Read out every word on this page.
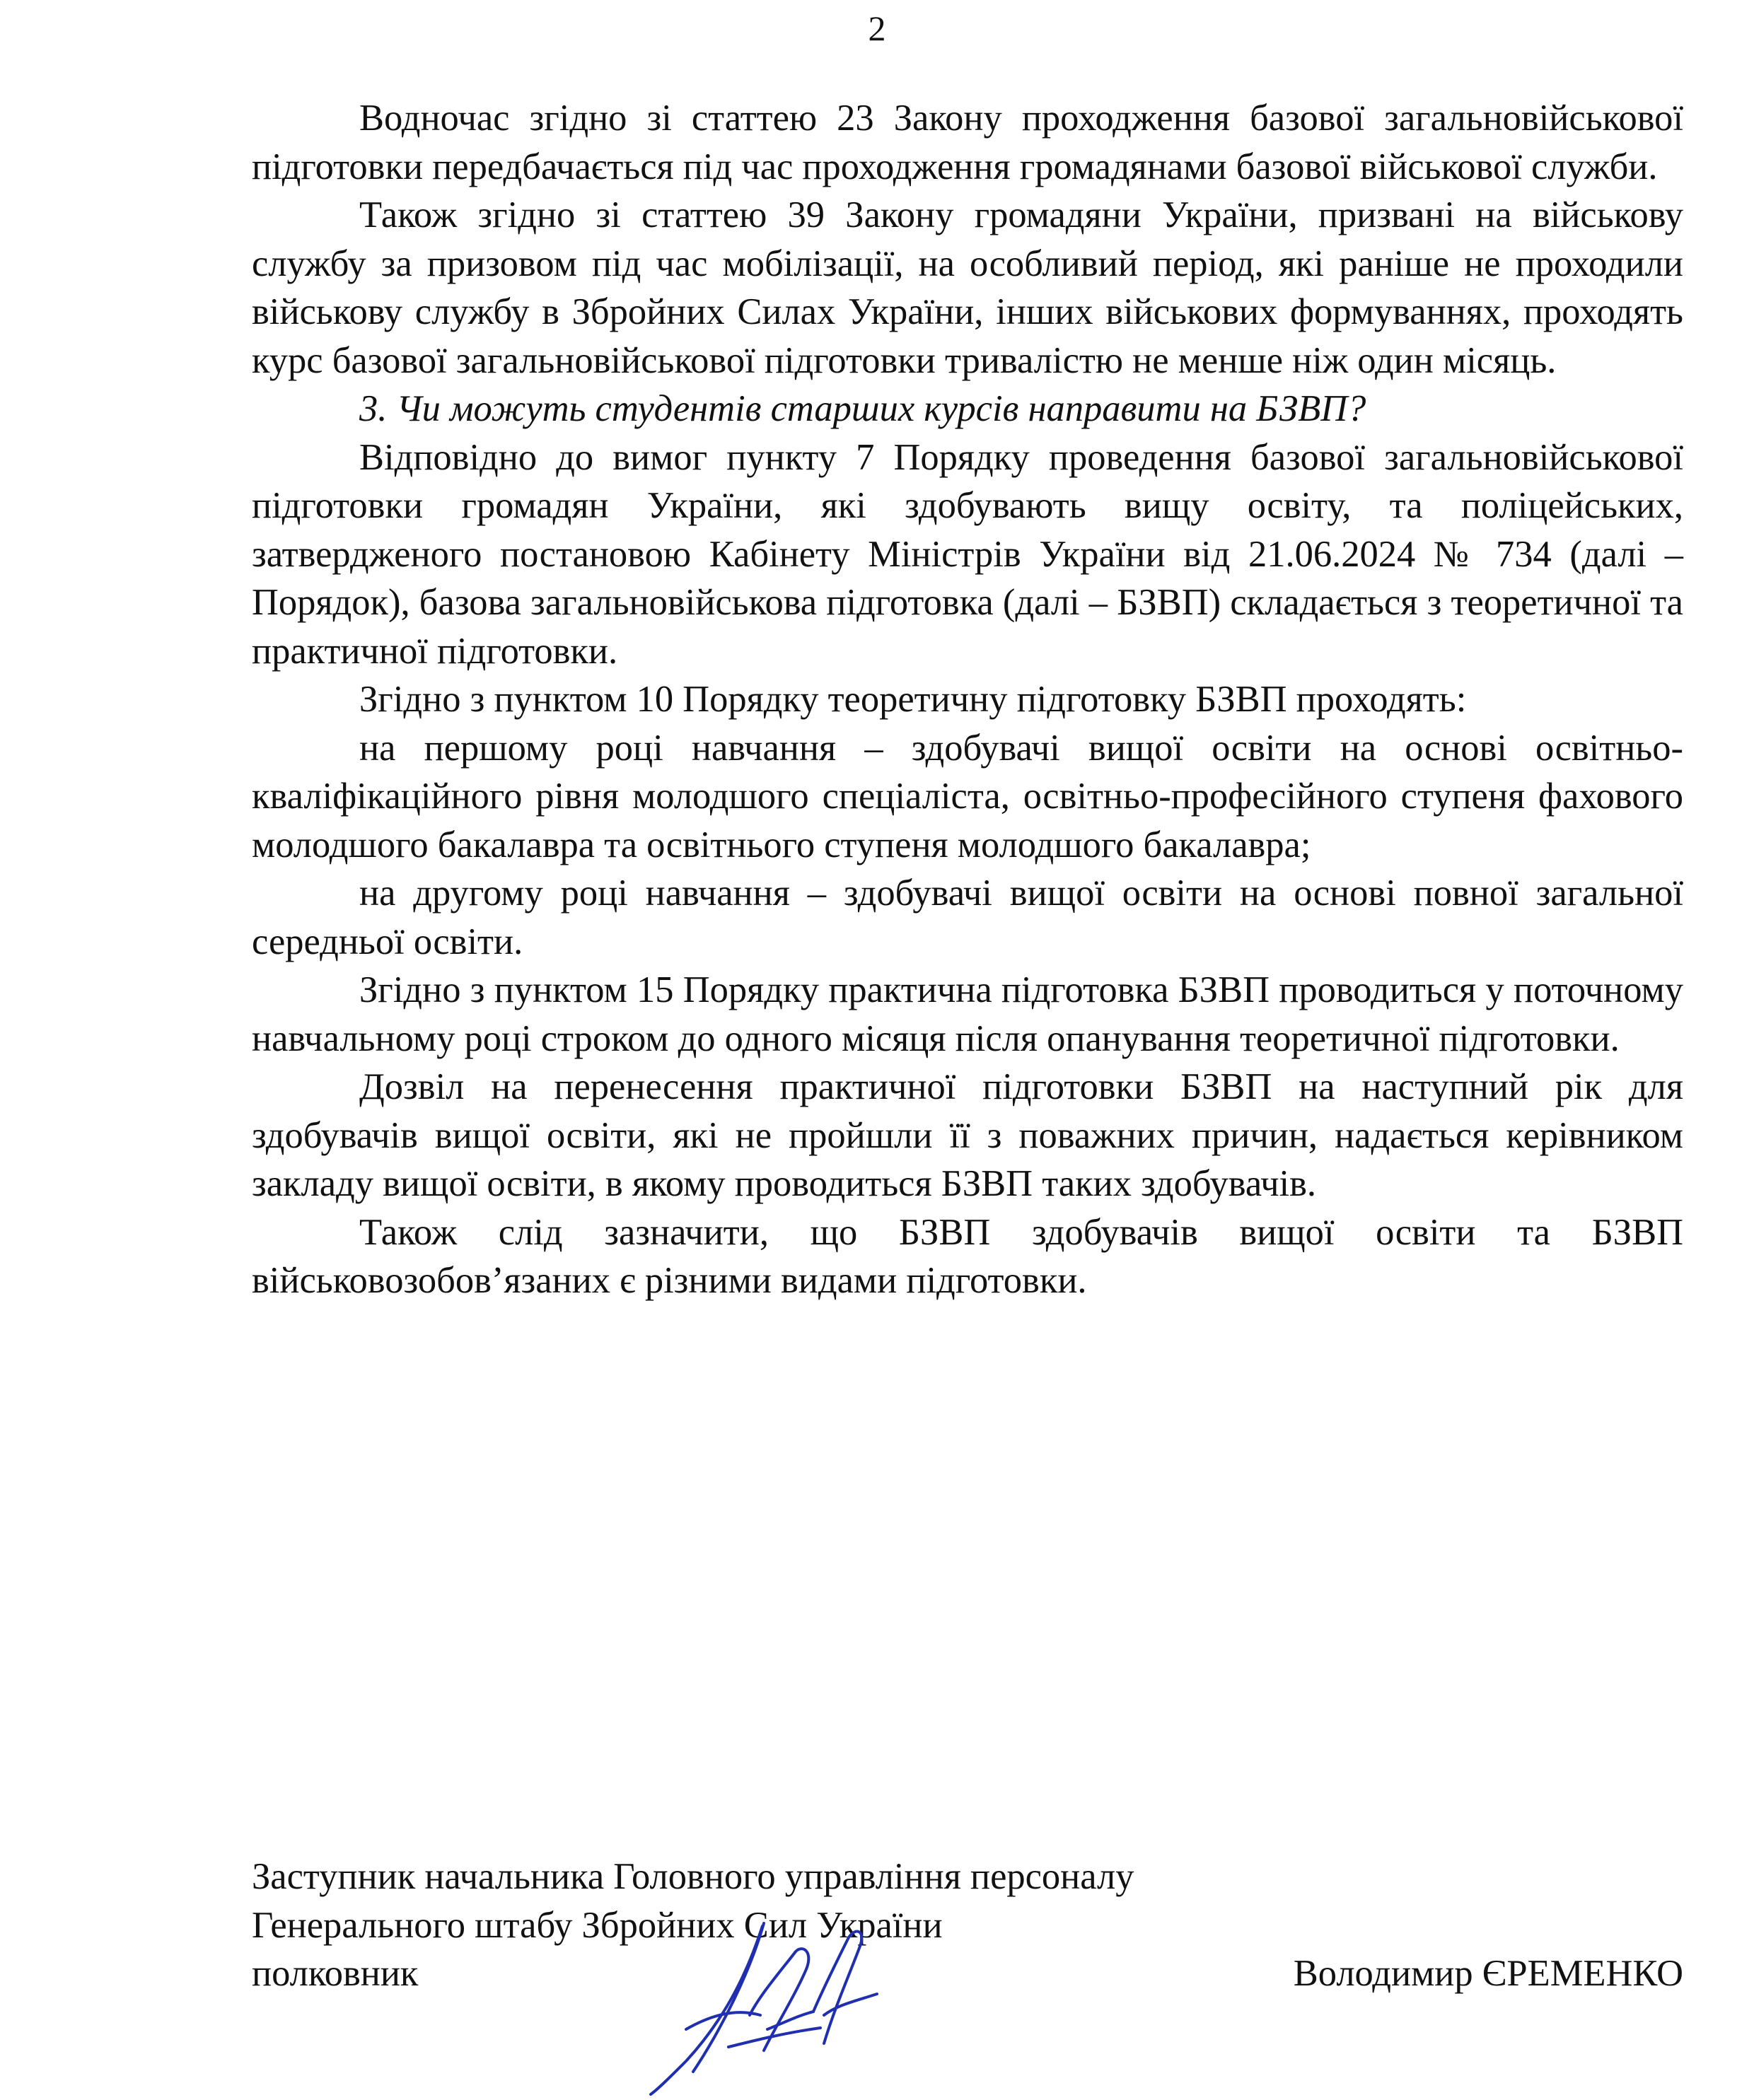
2

Водночас згідно зі статтею 23 Закону проходження базової загальновійськової підготовки передбачається під час проходження громадянами базової військової служби.

Також згідно зі статтею 39 Закону громадяни України, призвані на військову службу за призовом під час мобілізації, на особливий період, які раніше не проходили військову службу в Збройних Силах України, інших військових формуваннях, проходять курс базової загальновійськової підготовки тривалістю не менше ніж один місяць.

3. Чи можуть студентів старших курсів направити на БЗВП?

Відповідно до вимог пункту 7 Порядку проведення базової загальновійськової підготовки громадян України, які здобувають вищу освіту, та поліцейських, затвердженого постановою Кабінету Міністрів України від 21.06.2024 № 734 (далі – Порядок), базова загальновійськова підготовка (далі – БЗВП) складається з теоретичної та практичної підготовки.

Згідно з пунктом 10 Порядку теоретичну підготовку БЗВП проходять:

на першому році навчання – здобувачі вищої освіти на основі освітньо-кваліфікаційного рівня молодшого спеціаліста, освітньо-професійного ступеня фахового молодшого бакалавра та освітнього ступеня молодшого бакалавра;

на другому році навчання – здобувачі вищої освіти на основі повної загальної середньої освіти.

Згідно з пунктом 15 Порядку практична підготовка БЗВП проводиться у поточному навчальному році строком до одного місяця після опанування теоретичної підготовки.

Дозвіл на перенесення практичної підготовки БЗВП на наступний рік для здобувачів вищої освіти, які не пройшли її з поважних причин, надається керівником закладу вищої освіти, в якому проводиться БЗВП таких здобувачів.

Також слід зазначити, що БЗВП здобувачів вищої освіти та БЗВП військовозобов’язаних є різними видами підготовки.

Заступник начальника Головного управління персоналу
Генерального штабу Збройних Сил України
полковник	Володимир ЄРЕМЕНКО
